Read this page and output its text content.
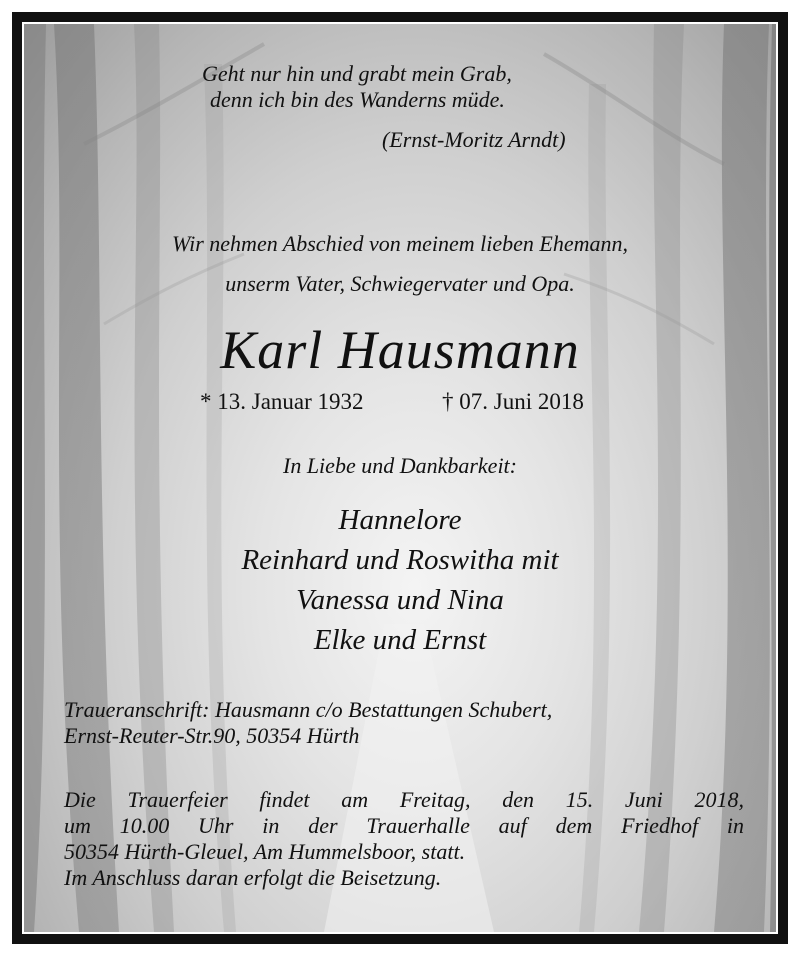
Geht nur hin und grabt mein Grab,
denn ich bin des Wanderns müde.
(Ernst-Moritz Arndt)
Wir nehmen Abschied von meinem lieben Ehemann,
unserm Vater, Schwiegervater und Opa.
Karl Hausmann
* 13. Januar 1932	† 07. Juni 2018
In Liebe und Dankbarkeit:
Hannelore
Reinhard und Roswitha mit
Vanessa und Nina
Elke und Ernst
Traueranschrift: Hausmann c/o Bestattungen Schubert,
Ernst-Reuter-Str.90, 50354 Hürth
Die Trauerfeier findet am Freitag, den 15. Juni 2018,
um 10.00 Uhr in der Trauerhalle auf dem Friedhof in
50354 Hürth-Gleuel, Am Hummelsboor, statt.
Im Anschluss daran erfolgt die Beisetzung.
